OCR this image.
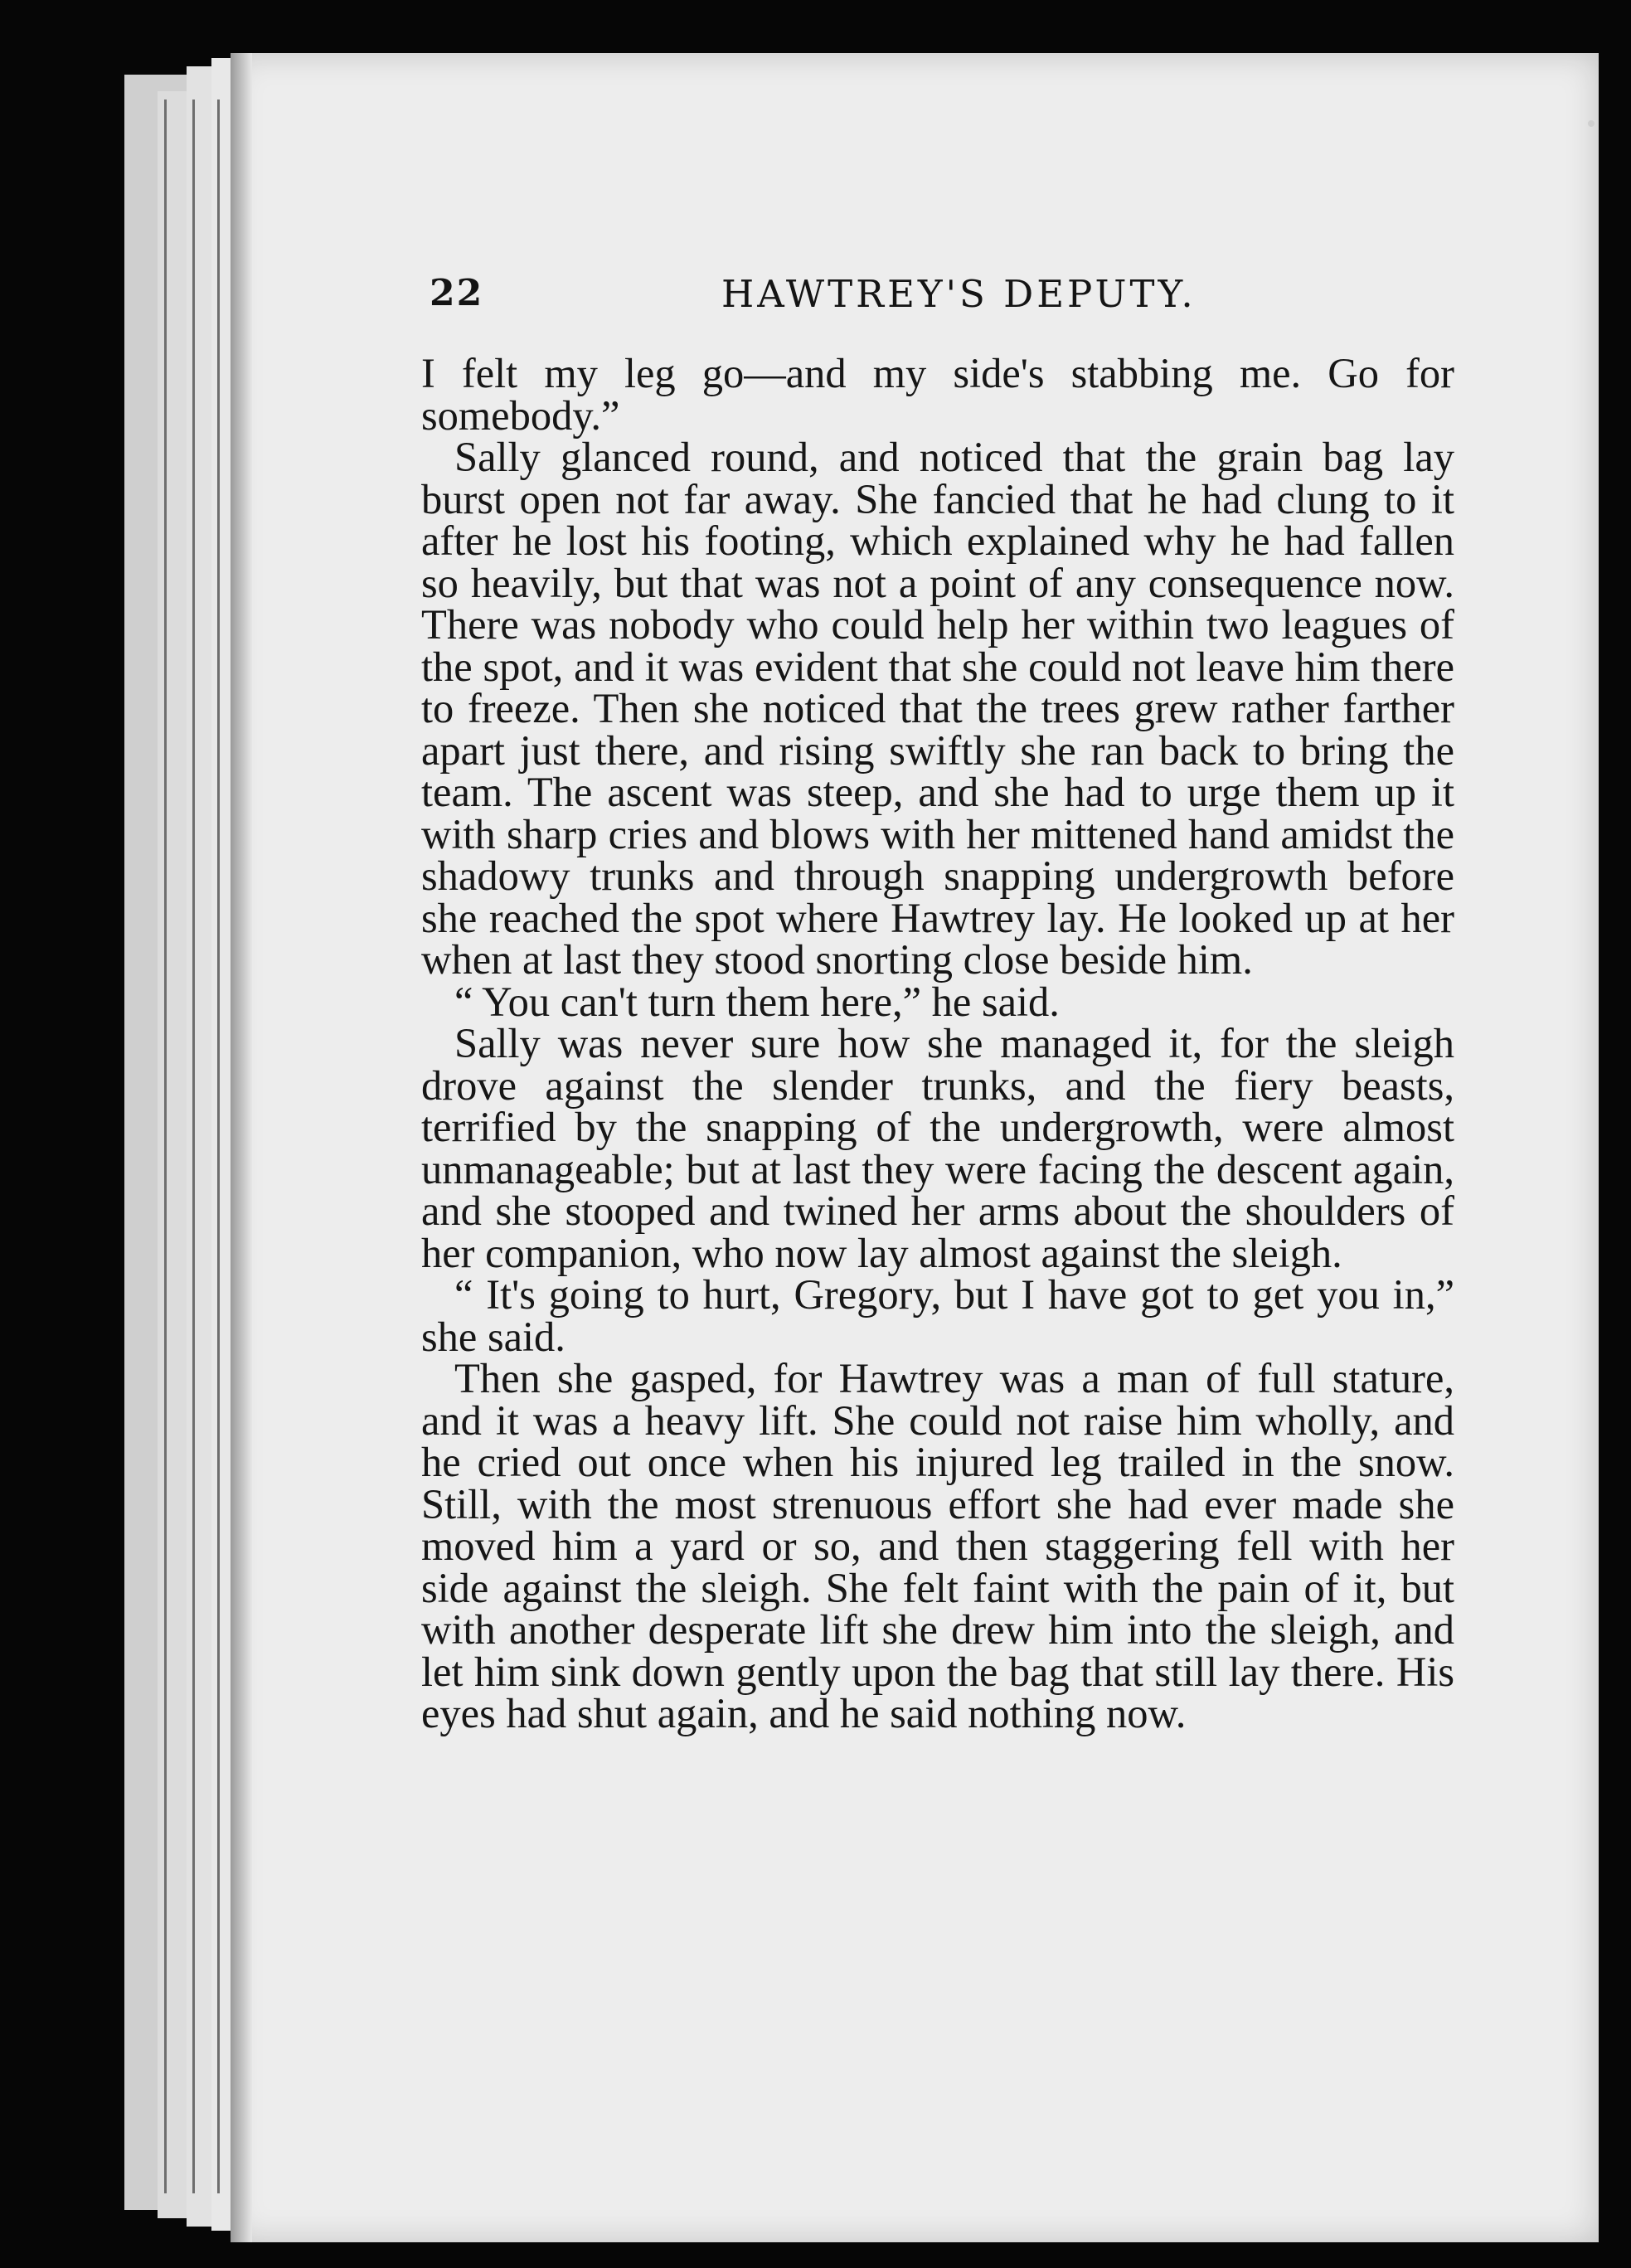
22	HAWTREY'S DEPUTY.

I felt my leg go—and my side's stabbing me. Go for somebody.”

Sally glanced round, and noticed that the grain bag lay burst open not far away. She fancied that he had clung to it after he lost his footing, which explained why he had fallen so heavily, but that was not a point of any consequence now. There was nobody who could help her within two leagues of the spot, and it was evident that she could not leave him there to freeze. Then she noticed that the trees grew rather farther apart just there, and rising swiftly she ran back to bring the team. The ascent was steep, and she had to urge them up it with sharp cries and blows with her mittened hand amidst the shadowy trunks and through snapping undergrowth before she reached the spot where Hawtrey lay. He looked up at her when at last they stood snorting close beside him.

“ You can't turn them here,” he said.

Sally was never sure how she managed it, for the sleigh drove against the slender trunks, and the fiery beasts, terrified by the snapping of the undergrowth, were almost unmanageable; but at last they were facing the descent again, and she stooped and twined her arms about the shoulders of her companion, who now lay almost against the sleigh.

“ It's going to hurt, Gregory, but I have got to get you in,” she said.

Then she gasped, for Hawtrey was a man of full stature, and it was a heavy lift. She could not raise him wholly, and he cried out once when his injured leg trailed in the snow. Still, with the most strenuous effort she had ever made she moved him a yard or so, and then staggering fell with her side against the sleigh. She felt faint with the pain of it, but with another desperate lift she drew him into the sleigh, and let him sink down gently upon the bag that still lay there. His eyes had shut again, and he said nothing now.
